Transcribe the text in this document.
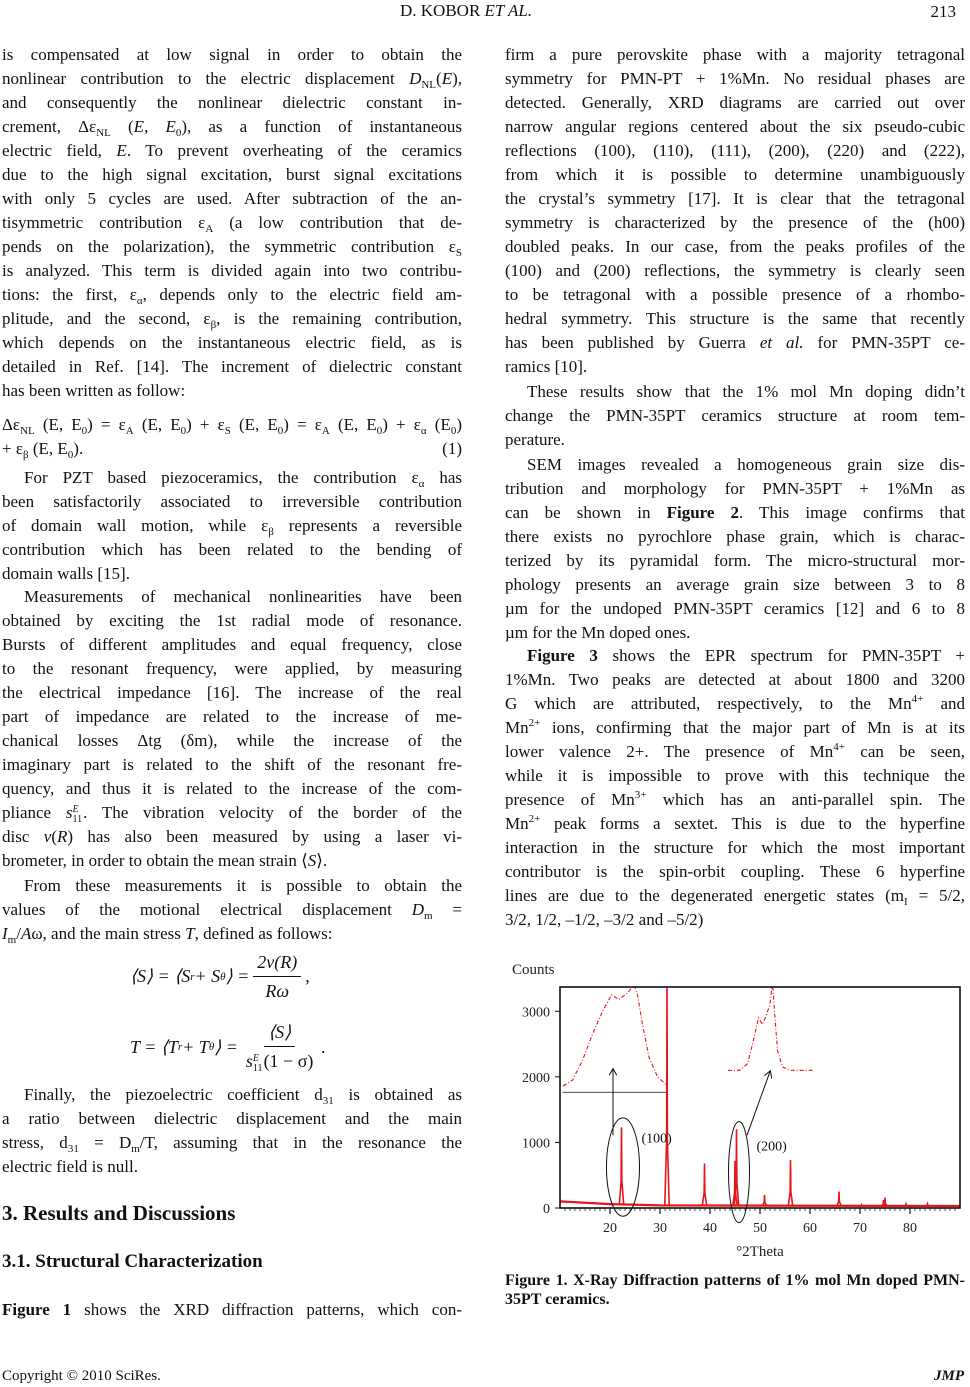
D. KOBOR ET AL.	213
is compensated at low signal in order to obtain the
nonlinear contribution to the electric displacement $D_{NL}(E)$,
and consequently the nonlinear dielectric constant in-
crement, $\Delta\varepsilon_{NL}$ (E, $E_0$), as a function of instantaneous
electric field, E. To prevent overheating of the ceramics
due to the high signal excitation, burst signal excitations
with only 5 cycles are used. After subtraction of the an-
tisymmetric contribution $\varepsilon_A$ (a low contribution that de-
pends on the polarization), the symmetric contribution $\varepsilon_S$
is analyzed. This term is divided again into two contribu-
tions: the first, $\varepsilon_\alpha$, depends only to the electric field am-
plitude, and the second, $\varepsilon_\beta$, is the remaining contribution,
which depends on the instantaneous electric field, as is
detailed in Ref. [14]. The increment of dielectric constant
has been written as follow:
$\Delta\varepsilon_{NL}$ (E, $E_0) = \varepsilon_A$ (E, $E_0) + \varepsilon_S$ (E, $E_0) = \varepsilon_A$ (E, $E_0) + \varepsilon_\alpha$ $(E_0)$
+ $\varepsilon_\beta$ (E, $E_0$).	(1)
For PZT based piezoceramics, the contribution $\varepsilon_\alpha$ has
been satisfactorily associated to irreversible contribution
of domain wall motion, while $\varepsilon_\beta$ represents a reversible
contribution which has been related to the bending of
domain walls [15].
Measurements of mechanical nonlinearities have been
obtained by exciting the 1st radial mode of resonance.
Bursts of different amplitudes and equal frequency, close
to the resonant frequency, were applied, by measuring
the electrical impedance [16]. The increase of the real
part of impedance are related to the increase of me-
chanical losses Δtg (δm), while the increase of the
imaginary part is related to the shift of the resonant fre-
quency, and thus it is related to the increase of the com-
pliance s E
11 . The vibration velocity of the border of the
disc v(R) has also been measured by using a laser vi-
brometer, in order to obtain the mean strain ⟨S⟩.
From these measurements it is possible to obtain the
values of the motional electrical displacement $D_m$ =
$I_m/A\omega$, and the main stress T, defined as follows:
Finally, the piezoelectric coefficient $d_{31}$ is obtained as
a ratio between dielectric displacement and the main
stress, $d_{31} = D_m/T$, assuming that in the resonance the
electric field is null.
Figure 1 shows the XRD diffraction patterns, which con-
firm a pure perovskite phase with a majority tetragonal
symmetry for PMN-PT + 1%Mn. No residual phases are
detected. Generally, XRD diagrams are carried out over
narrow angular regions centered about the six pseudo-cubic
reflections (100), (110), (111), (200), (220) and (222),
from which it is possible to determine unambiguously
the crystal’s symmetry [17]. It is clear that the tetragonal
symmetry is characterized by the presence of the (h00)
doubled peaks. In our case, from the peaks profiles of the
(100) and (200) reflections, the symmetry is clearly seen
to be tetragonal with a possible presence of a rhombo-
hedral symmetry. This structure is the same that recently
has been published by Guerra et al. for PMN-35PT ce-
ramics [10].
These results show that the 1% mol Mn doping didn’t
change the PMN-35PT ceramics structure at room tem-
perature.
SEM images revealed a homogeneous grain size dis-
tribution and morphology for PMN-35PT + 1%Mn as
can be shown in Figure 2. This image confirms that
there exists no pyrochlore phase grain, which is charac-
terized by its pyramidal form. The micro-structural mor-
phology presents an average grain size between 3 to 8
µm for the undoped PMN-35PT ceramics [12] and 6 to 8
µm for the Mn doped ones.
Figure 3 shows the EPR spectrum for PMN-35PT +
1%Mn. Two peaks are detected at about 1800 and 3200
G which are attributed, respectively, to the $Mn^{4+}$ and
$Mn^{2+}$ ions, confirming that the major part of Mn is at its
lower valence 2+. The presence of $Mn^{4+}$ can be seen,
while it is impossible to prove with this technique the
presence of $Mn^{3+}$ which has an anti-parallel spin. The
$Mn^{2+}$ peak forms a sextet. This is due to the hyperfine
interaction in the structure for which the most important
contributor is the spin-orbit coupling. These 6 hyperfine
lines are due to the degenerated energetic states ($m_I = 5/2$,
3/2, 1/2, –1/2, –3/2 and –5/2)
⟨S⟩ = ⟨S r + S θ ⟩ = $\frac{2v(R)}{R\omega}$ ,
T = ⟨T r + T θ ⟩ = ⟨S⟩
s E
11 (1 − σ) .
3. Results and Discussions
3.1. Structural Characterization
Counts
0
1000
2000
3000
20	30	40	50	60	70	80
°2Theta
(100)
(200)
Figure 1. X-Ray Diffraction patterns of 1% mol Mn doped PMN-35PT ceramics.
Copyright © 2010 SciRes.	JMP
